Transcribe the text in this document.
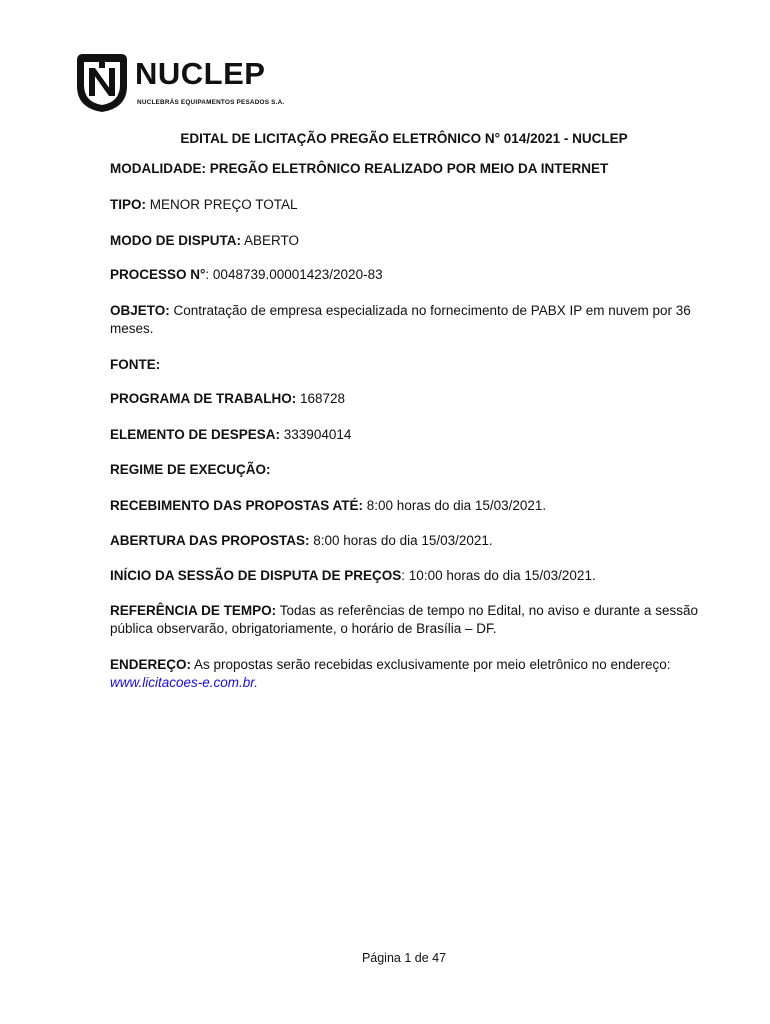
NUCLEP
NUCLEBRÁS EQUIPAMENTOS PESADOS S.A.
EDITAL DE LICITAÇÃO PREGÃO ELETRÔNICO N° 014/2021 - NUCLEP
MODALIDADE: PREGÃO ELETRÔNICO REALIZADO POR MEIO DA INTERNET
TIPO: MENOR PREÇO TOTAL
MODO DE DISPUTA: ABERTO
PROCESSO N°: 0048739.00001423/2020-83
OBJETO: Contratação de empresa especializada no fornecimento de PABX IP em nuvem por 36 meses.
FONTE:
PROGRAMA DE TRABALHO: 168728
ELEMENTO DE DESPESA: 333904014
REGIME DE EXECUÇÃO:
RECEBIMENTO DAS PROPOSTAS ATÉ: 8:00 horas do dia 15/03/2021.
ABERTURA DAS PROPOSTAS: 8:00 horas do dia 15/03/2021.
INÍCIO DA SESSÃO DE DISPUTA DE PREÇOS: 10:00 horas do dia 15/03/2021.
REFERÊNCIA DE TEMPO: Todas as referências de tempo no Edital, no aviso e durante a sessão pública observarão, obrigatoriamente, o horário de Brasília – DF.
ENDEREÇO: As propostas serão recebidas exclusivamente por meio eletrônico no endereço:
www.licitacoes-e.com.br.
Página 1 de 47
